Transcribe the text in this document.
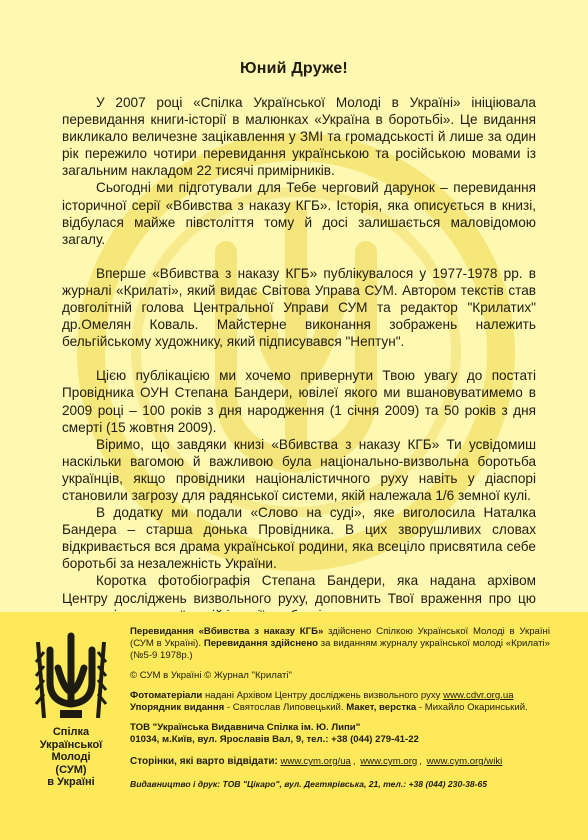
Юний Друже!

У 2007 році «Спілка Української Молоді в Україні» ініціювала перевидання книги-історії в малюнках «Україна в боротьбі». Це видання викликало величезне зацікавлення у ЗМІ та громадськості й лише за один рік пережило чотири перевидання українською та російською мовами із загальним накладом 22 тисячі примірників.

Сьогодні ми підготували для Тебе черговий дарунок – перевидання історичної серії «Вбивства з наказу КГБ». Історія, яка описується в книзі, відбулася майже півстоліття тому й досі залишається маловідомою загалу.

Вперше «Вбивства з наказу КГБ» публікувалося у 1977-1978 рр. в журналі «Крилаті», який видає Світова Управа СУМ. Автором текстів став довголітній голова Центральної Управи СУМ та редактор "Крилатих" др.Омелян Коваль. Майстерне виконання зображень належить бельгійському художнику, який підписувався "Нептун".

Цією публікацією ми хочемо привернути Твою увагу до постаті Провідника ОУН Степана Бандери, ювілеї якого ми вшановуватимемо в 2009 році – 100 років з дня народження (1 січня 2009) та 50 років з дня смерті (15 жовтня 2009).

Віримо, що завдяки книзі «Вбивства з наказу КГБ» Ти усвідомиш наскільки вагомою й важливою була національно-визвольна боротьба українців, якщо провідники націоналістичного руху навіть у діаспорі становили загрозу для радянської системи, якій належала 1/6 земної кулі.

В додатку ми подали «Слово на суді», яке виголосила Наталка Бандера – старша донька Провідника. В цих зворушливих словах відкривається вся драма української родини, яка всецілo присвятила себе боротьбі за незалежність України.

Коротка фотобіографія Степана Бандери, яка надана архівом Центру досліджень визвольного руху, доповнить Твої враження про цю

Спілка
Української
Молоді
(СУМ)
в Україні

Перевидання «Вбивства з наказу КГБ» здійснено Спілкою Української Молоді в Україні (СУМ в Україні). Перевидання здійснено за виданням журналу української молоді «Крилаті» (№5-9 1978р.)

© СУМ в Україні © Журнал "Крилаті"

Фотоматеріали надані Архівом Центру досліджень визвольного руху www.cdvr.org.ua

Упорядник видання - Святослав Липовецький. Макет, верстка - Михайло Окаринський.

ТОВ "Українська Видавнича Спілка ім. Ю. Липи"

01034, м.Київ, вул. Ярославів Вал, 9, тел.: +38 (044) 279-41-22

Сторінки, які варто відвідати: www.cym.org/ua , www.cym.org , www.cym.org/wiki

Видавництво і друк: ТОВ "Цікаро", вул. Дегтярівська, 21, тел.: +38 (044) 230-38-65
